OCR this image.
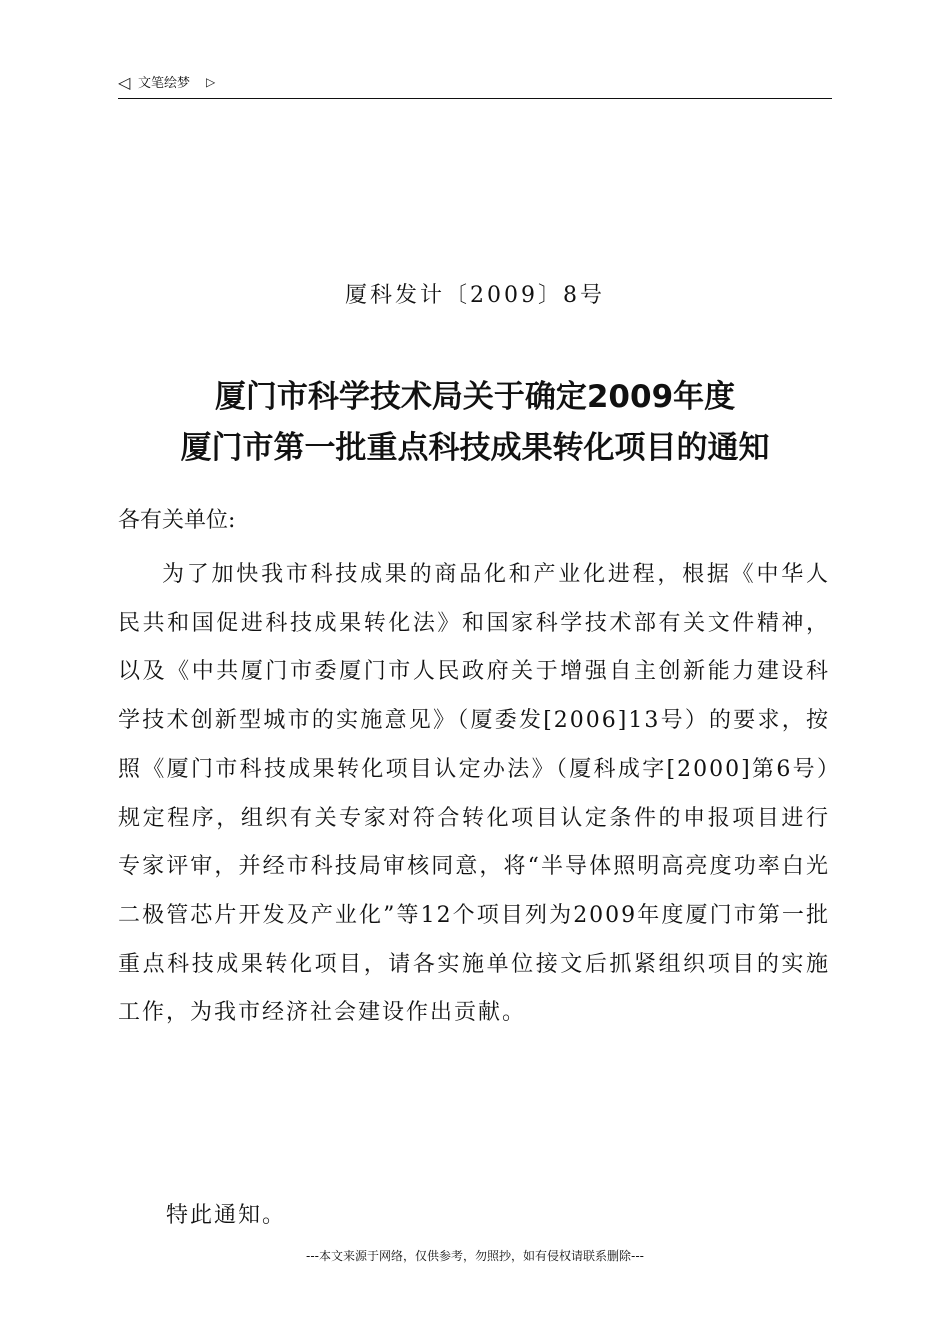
◁ 文笔绘梦 ▷
厦科发计〔2009〕8号
厦门市科学技术局关于确定2009年度
厦门市第一批重点科技成果转化项目的通知
各有关单位:

为了加快我市科技成果的商品化和产业化进程，根据《中华人民共和国促进科技成果转化法》和国家科学技术部有关文件精神，以及《中共厦门市委厦门市人民政府关于增强自主创新能力建设科学技术创新型城市的实施意见》（厦委发[2006]13号）的要求，按照《厦门市科技成果转化项目认定办法》（厦科成字[2000]第6号）规定程序，组织有关专家对符合转化项目认定条件的申报项目进行专家评审，并经市科技局审核同意，将“半导体照明高亮度功率白光二极管芯片开发及产业化”等12个项目列为2009年度厦门市第一批重点科技成果转化项目，请各实施单位接文后抓紧组织项目的实施工作，为我市经济社会建设作出贡献。

特此通知。
---本文来源于网络，仅供参考，勿照抄，如有侵权请联系删除---
